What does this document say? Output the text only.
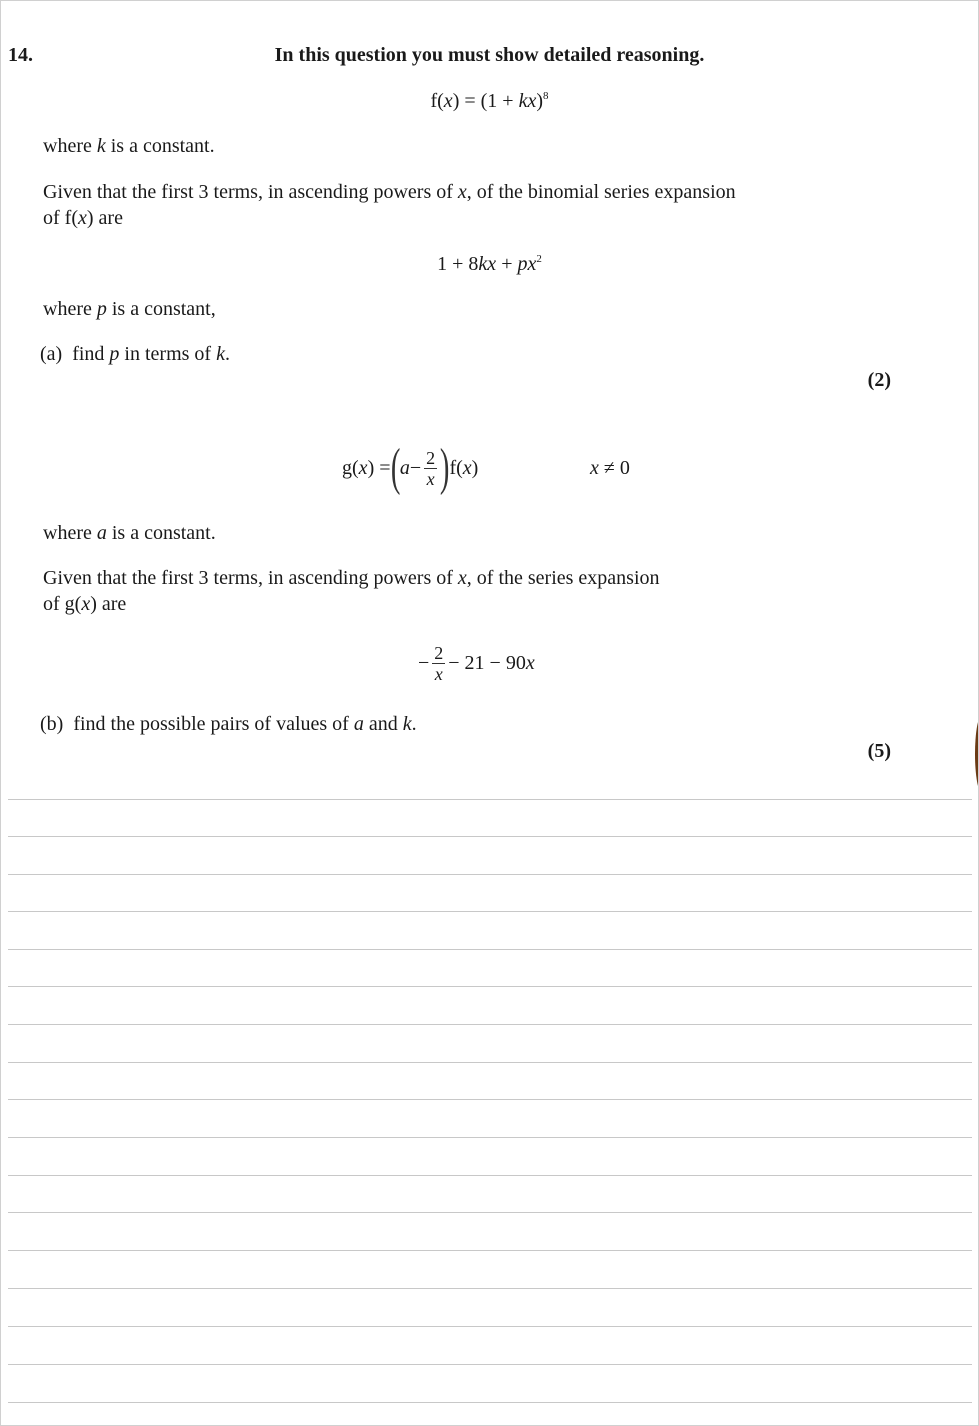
14.	In this question you must show detailed reasoning.
f(x) = (1 + kx)$^8$
where k is a constant.
Given that the first 3 terms, in ascending powers of x, of the binomial series expansion
of f(x) are
$1 + 8kx + px^2$
where p is a constant,
(a) find p in terms of k.
(2)
g( x ) = ( $a - \frac{2}{x}$ ) f( x )	x ≠ 0
where a is a constant.
Given that the first 3 terms, in ascending powers of x, of the series expansion
of g(x) are
− $\frac{2}{x} - 21 - 90$ x
(b) find the possible pairs of values of a and k.
(5)
